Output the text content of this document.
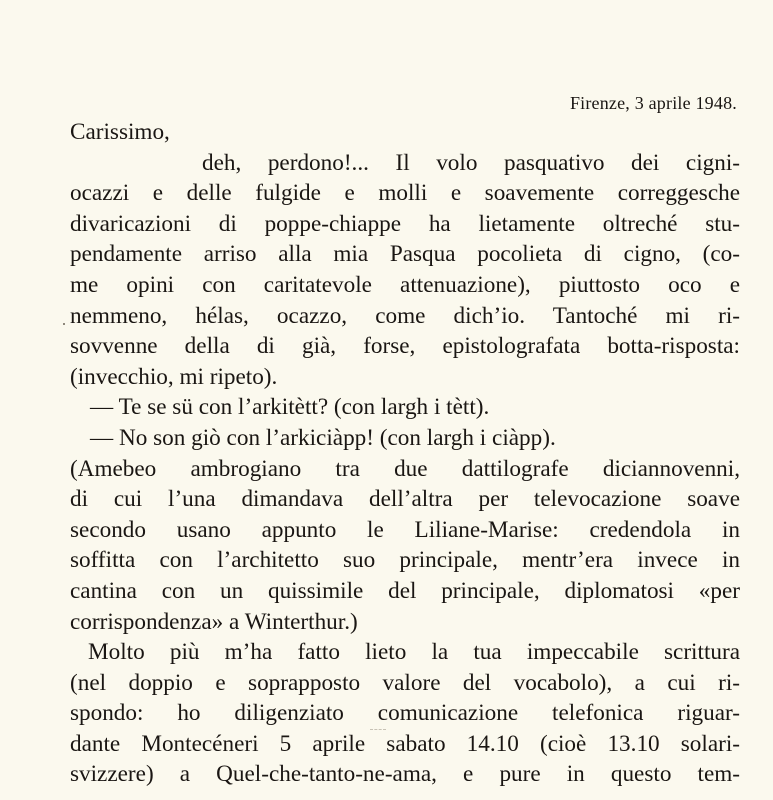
Firenze, 3 aprile 1948.
Carissimo,
deh, perdono!... Il volo pasquativo dei cigni-
ocazzi e delle fulgide e molli e soavemente correggesche
divaricazioni di poppe-chiappe ha lietamente oltreché stu-
pendamente arriso alla mia Pasqua pocolieta di cigno, (co-
me opini con caritatevole attenuazione), piuttosto oco e
nemmeno, hélas, ocazzo, come dich’io. Tantoché mi ri-
sovvenne della di già, forse, epistolografata botta-risposta:
(invecchio, mi ripeto).
— Te se sü con l’arkitètt? (con largh i tètt).
— No son giò con l’arkiciàpp! (con largh i ciàpp).
(Amebeo ambrogiano tra due dattilografe diciannovenni,
di cui l’una dimandava dell’altra per televocazione soave
secondo usano appunto le Liliane-Marise: credendola in
soffitta con l’architetto suo principale, mentr’era invece in
cantina con un quissimile del principale, diplomatosi «per
corrispondenza» a Winterthur.)
Molto più m’ha fatto lieto la tua impeccabile scrittura
(nel doppio e soprapposto valore del vocabolo), a cui ri-
spondo: ho diligenziato comunicazione telefonica riguar-
dante Montecéneri 5 aprile sabato 14.10 (cioè 13.10 solari-
svizzere) a Quel-che-tanto-ne-ama, e pure in questo tem-
